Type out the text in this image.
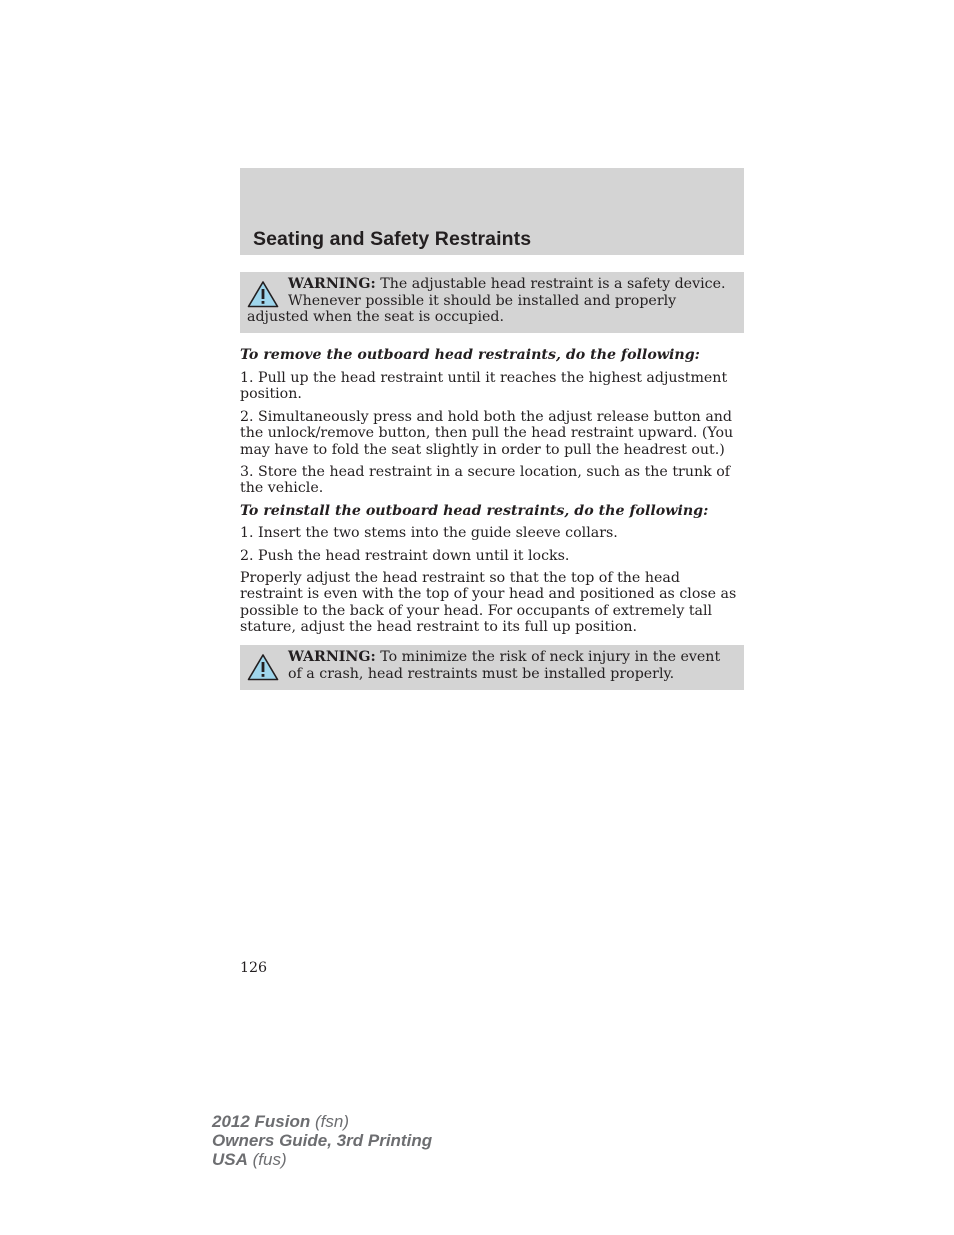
Seating and Safety Restraints
WARNING: The adjustable head restraint is a safety device. Whenever possible it should be installed and properly adjusted when the seat is occupied.

To remove the outboard head restraints, do the following:

1. Pull up the head restraint until it reaches the highest adjustment position.

2. Simultaneously press and hold both the adjust release button and the unlock/remove button, then pull the head restraint upward. (You may have to fold the seat slightly in order to pull the headrest out.)

3. Store the head restraint in a secure location, such as the trunk of the vehicle.

To reinstall the outboard head restraints, do the following:

1. Insert the two stems into the guide sleeve collars.

2. Push the head restraint down until it locks.

Properly adjust the head restraint so that the top of the head restraint is even with the top of your head and positioned as close as possible to the back of your head. For occupants of extremely tall stature, adjust the head restraint to its full up position.

WARNING: To minimize the risk of neck injury in the event of a crash, head restraints must be installed properly.
126
2012 Fusion (fsn)
Owners Guide, 3rd Printing
USA (fus)
